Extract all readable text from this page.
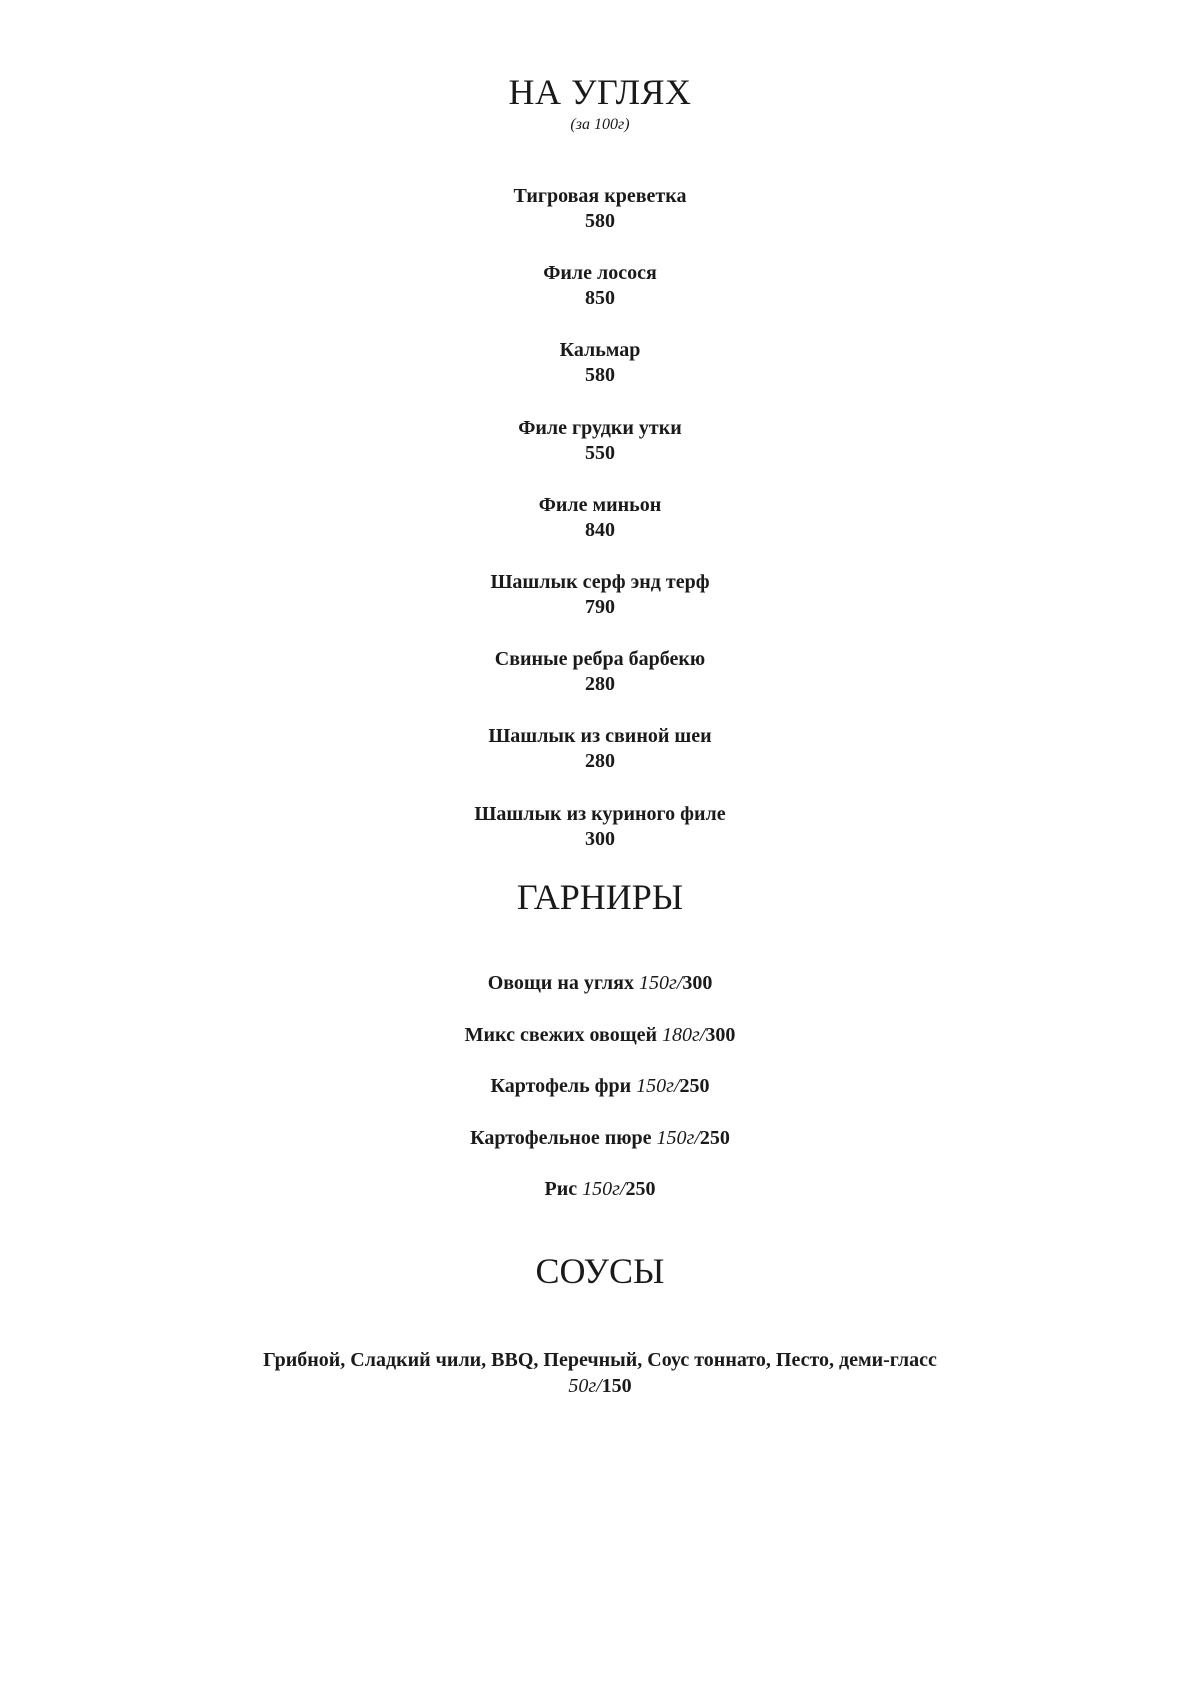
НА УГЛЯХ

(за 100г)

Тигровая креветка
580
Филе лосося
850
Кальмар
580
Филе грудки утки
550
Филе миньон
840
Шашлык серф энд терф
790
Свиные ребра барбекю
280
Шашлык из свиной шеи
280
Шашлык из куриного филе
300
ГАРНИРЫ
Овощи на углях 150г/300
Микс свежих овощей 180г/300
Картофель фри 150г/250
Картофельное пюре 150г/250
Рис 150г/250
СОУСЫ

Грибной, Сладкий чили, BBQ, Перечный, Соус тоннато, Песто, деми-гласс

50г/150
